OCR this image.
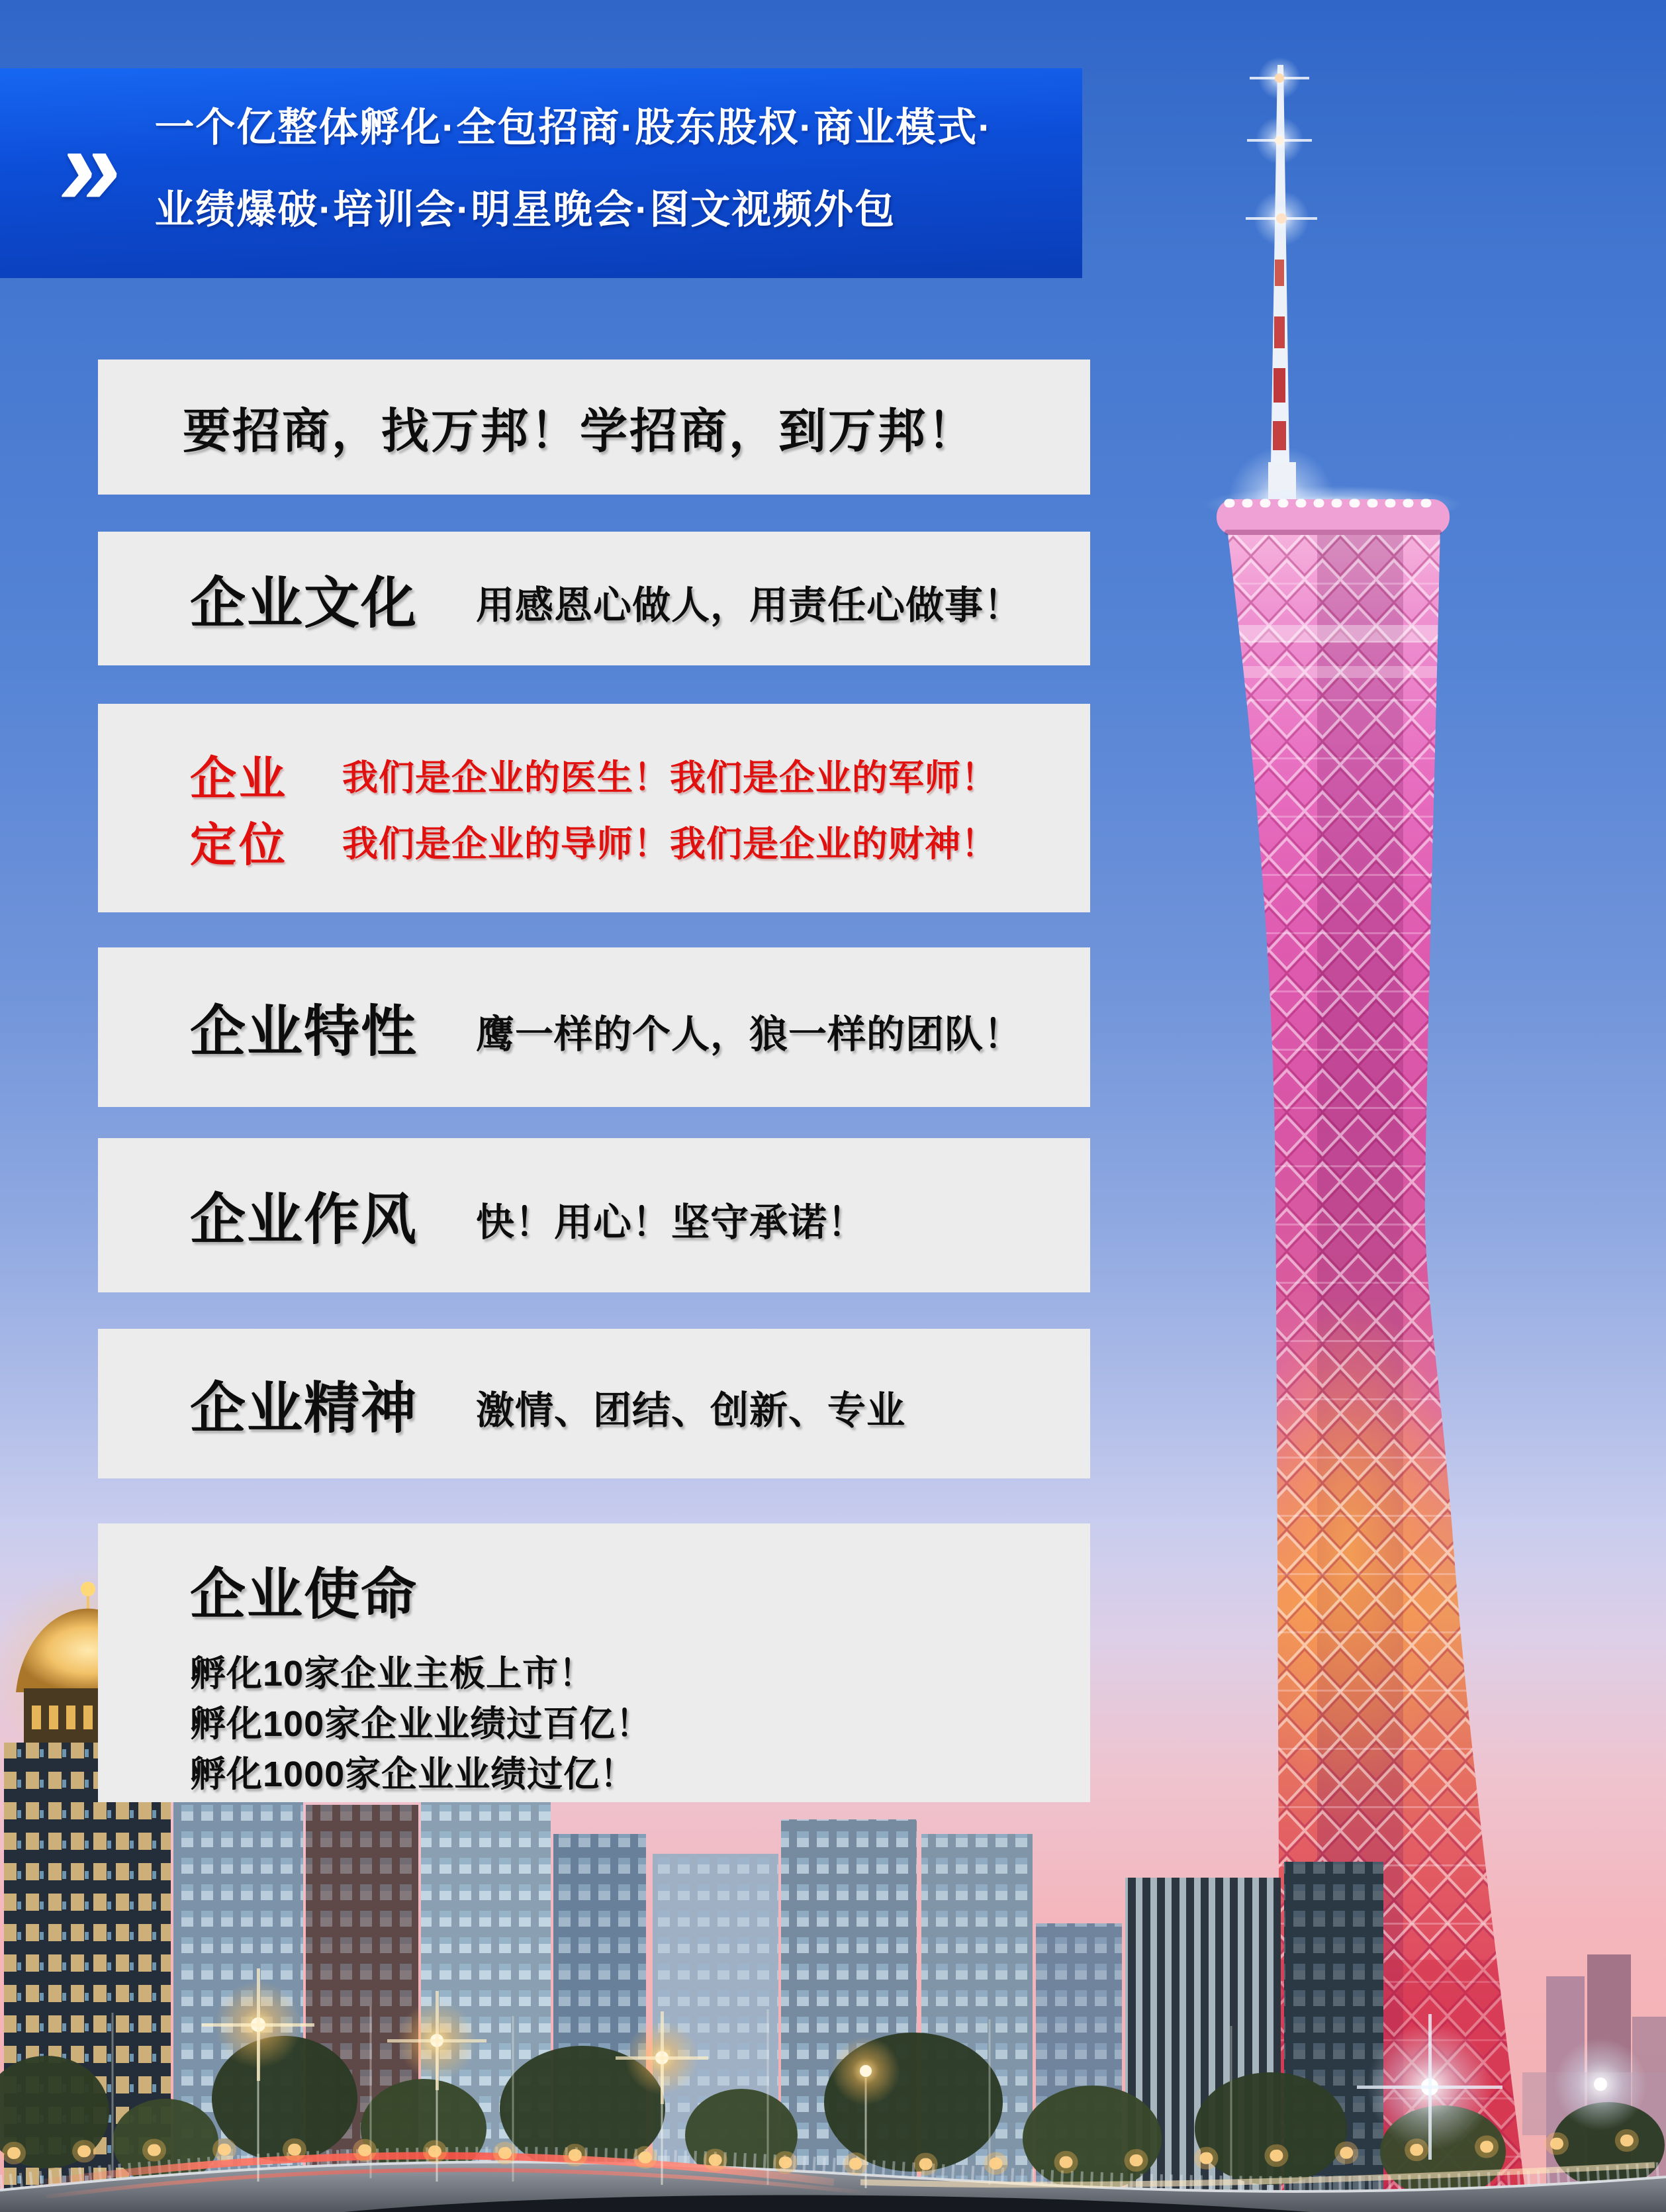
» 一个亿整体孵化·全包招商·股东股权·商业模式·
业绩爆破·培训会·明星晚会·图文视频外包
要招商，找万邦！学招商，到万邦！
企业文化 用感恩心做人，用责任心做事！
企业	我们是企业的医生！我们是企业的军师！
定位	我们是企业的导师！我们是企业的财神！
企业特性 鹰一样的个人，狼一样的团队！
企业作风 快！用心！坚守承诺！
企业精神 激情、团结、创新、专业
企业使命
孵化10家企业主板上市！
孵化100家企业业绩过百亿！
孵化1000家企业业绩过亿！
